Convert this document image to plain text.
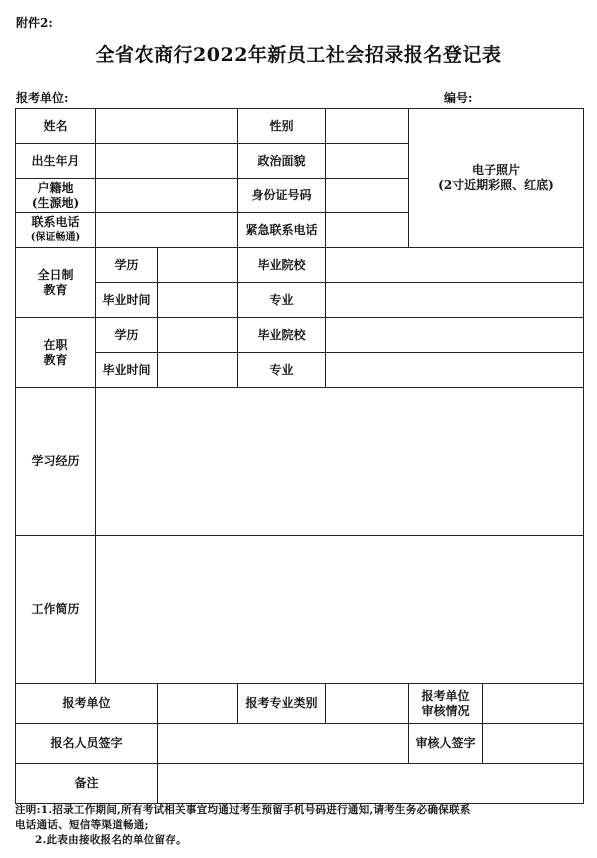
附件2:
全省农商行2022年新员工社会招录报名登记表
报考单位:	编号:
姓名			性别		电子照片
(2寸近期彩照、红底)	

出生年月			政治面貌			

户籍地
(生源地)			身份证号码			

联系电话
(保证畅通)			紧急联系电话			

全日制
教育	学历		毕业院校			
	毕业时间		专业			

在职
教育	学历		毕业院校			
	毕业时间		专业			
学习经历						
工作简历						
报考单位			报考专业类别		报考单位
审核情况	

报名人员签字					审核人签字	
备注						
注明:1.招录工作期间,所有考试相关事宜均通过考生预留手机号码进行通知,请考生务必确保联系
电话通话、短信等渠道畅通;
2.此表由接收报名的单位留存。
